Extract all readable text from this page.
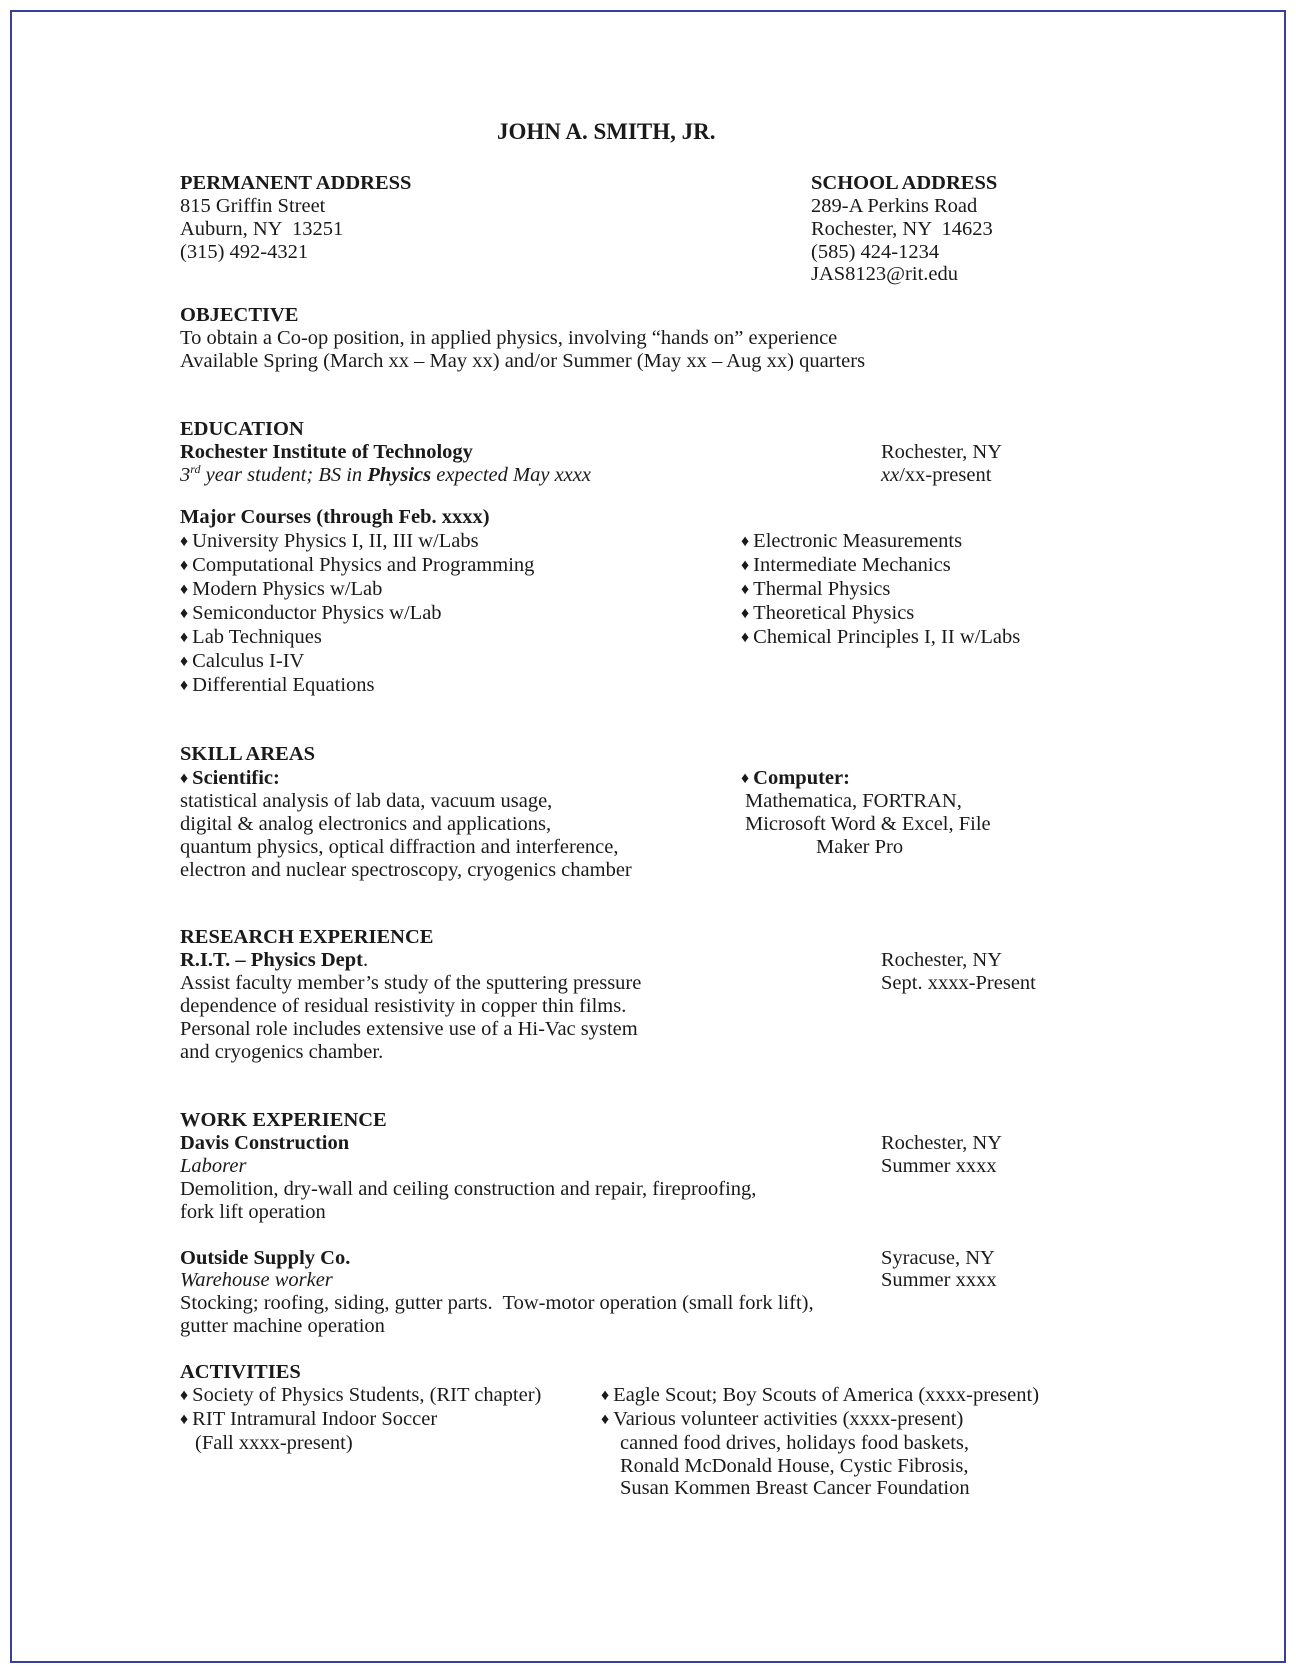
JOHN A. SMITH, JR.
PERMANENT ADDRESS
815 Griffin Street
Auburn, NY  13251
(315) 492-4321
SCHOOL ADDRESS
289-A Perkins Road
Rochester, NY  14623
(585) 424-1234
JAS8123@rit.edu
OBJECTIVE
To obtain a Co-op position, in applied physics, involving “hands on” experience
Available Spring (March xx – May xx) and/or Summer (May xx – Aug xx) quarters
EDUCATION
Rochester Institute of Technology	Rochester, NY
3rd year student; BS in Physics expected May xxxx	xx/xx-present
Major Courses (through Feb. xxxx)
♦ University Physics I, II, III w/Labs
♦ Computational Physics and Programming
♦ Modern Physics w/Lab
♦ Semiconductor Physics w/Lab
♦ Lab Techniques
♦ Calculus I-IV
♦ Differential Equations
♦ Electronic Measurements
♦ Intermediate Mechanics
♦ Thermal Physics
♦ Theoretical Physics
♦ Chemical Principles I, II w/Labs
SKILL AREAS
♦ Scientific:
statistical analysis of lab data, vacuum usage,
digital & analog electronics and applications,
quantum physics, optical diffraction and interference,
electron and nuclear spectroscopy, cryogenics chamber
♦ Computer:
Mathematica, FORTRAN,
Microsoft Word & Excel, File
Maker Pro
RESEARCH EXPERIENCE
R.I.T. – Physics Dept.	Rochester, NY
Sept. xxxx-Present
Assist faculty member’s study of the sputtering pressure
dependence of residual resistivity in copper thin films.
Personal role includes extensive use of a Hi-Vac system
and cryogenics chamber.
WORK EXPERIENCE
Davis Construction	Rochester, NY
Laborer	Summer xxxx
Demolition, dry-wall and ceiling construction and repair, fireproofing,
fork lift operation
Outside Supply Co.	Syracuse, NY
Warehouse worker	Summer xxxx
Stocking; roofing, siding, gutter parts.  Tow-motor operation (small fork lift),
gutter machine operation
ACTIVITIES
♦ Society of Physics Students, (RIT chapter)
♦ RIT Intramural Indoor Soccer
(Fall xxxx-present)
♦ Eagle Scout; Boy Scouts of America (xxxx-present)
♦ Various volunteer activities (xxxx-present)
canned food drives, holidays food baskets,
Ronald McDonald House, Cystic Fibrosis,
Susan Kommen Breast Cancer Foundation
